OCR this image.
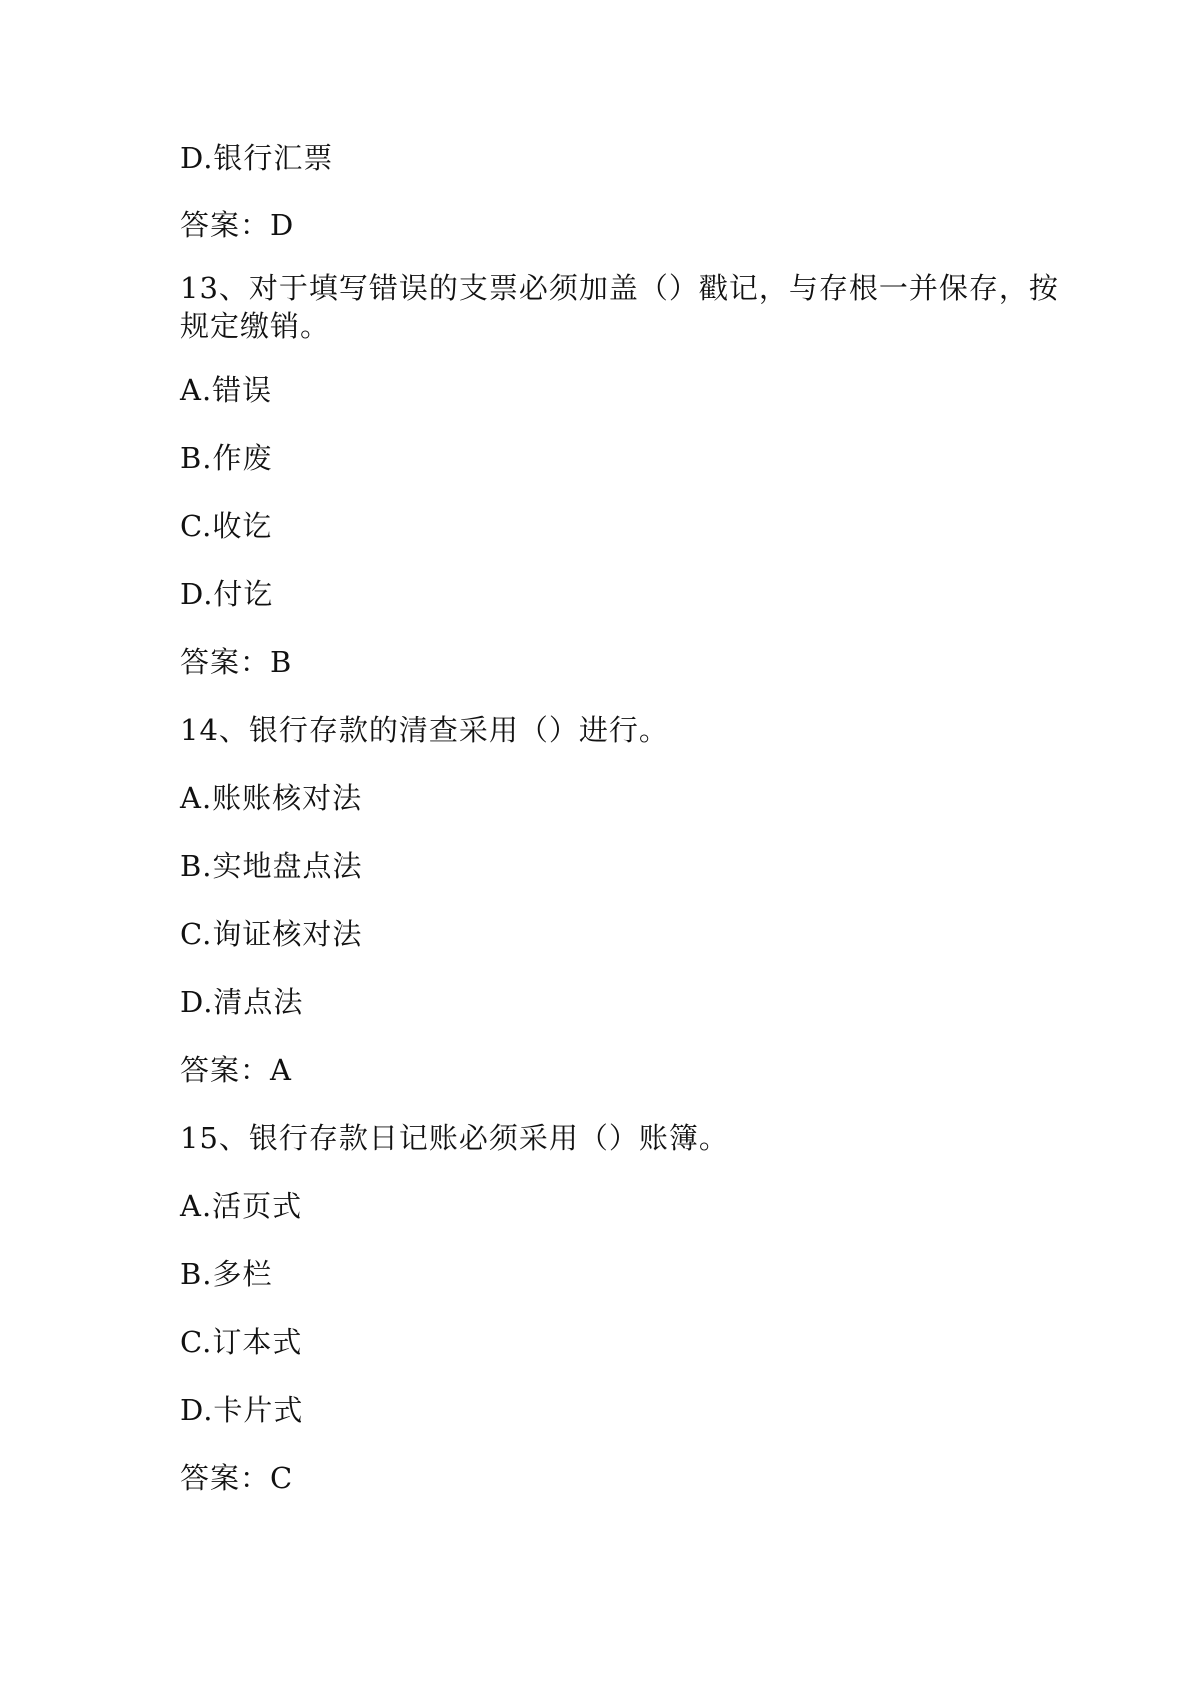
D.银行汇票
答案：D
13、对于填写错误的支票必须加盖（）戳记，与存根一并保存，按规定缴销。
A.错误
B.作废
C.收讫
D.付讫
答案：B
14、银行存款的清查采用（）进行。
A.账账核对法
B.实地盘点法
C.询证核对法
D.清点法
答案：A
15、银行存款日记账必须采用（）账簿。
A.活页式
B.多栏
C.订本式
D.卡片式
答案：C
